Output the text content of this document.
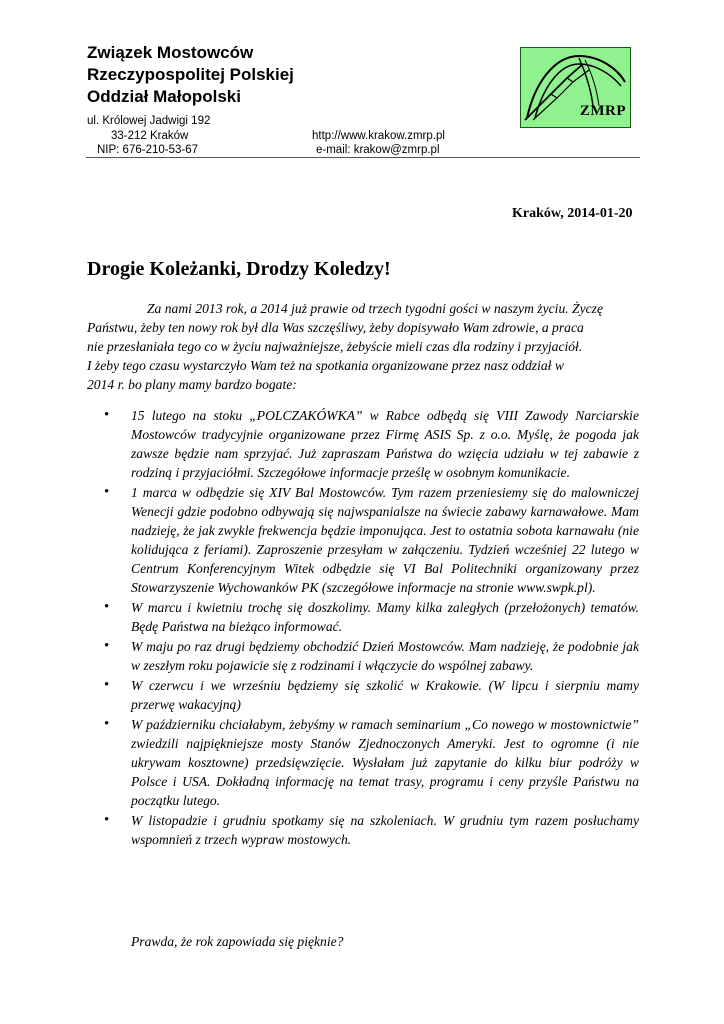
Związek Mostowców
Rzeczypospolitej Polskiej
Oddział Małopolski
ul. Królowej Jadwigi 192
33-212 Kraków
NIP: 676-210-53-67
http://www.krakow.zmrp.pl
e-mail: krakow@zmrp.pl
ZMRP
Kraków, 2014-01-20
Drogie Koleżanki, Drodzy Koledzy!
Za nami 2013 rok, a 2014 już prawie od trzech tygodni gości w naszym życiu. Życzę
Państwu, żeby ten nowy rok był dla Was szczęśliwy, żeby dopisywało Wam zdrowie, a praca
nie przesłaniała tego co w życiu najważniejsze, żebyście mieli czas dla rodziny i przyjaciół.
I żeby tego czasu wystarczyło Wam też na spotkania organizowane przez nasz oddział w
2014 r. bo plany mamy bardzo bogate:
• 15 lutego na stoku „POLCZAKÓWKA” w Rabce odbędą się VIII Zawody Narciarskie Mostowców tradycyjnie organizowane przez Firmę ASIS Sp. z o.o. Myślę, że pogoda jak zawsze będzie nam sprzyjać. Już zapraszam Państwa do wzięcia udziału w tej zabawie z rodziną i przyjaciółmi. Szczegółowe informacje prześlę w osobnym komunikacie.
• 1 marca w odbędzie się XIV Bal Mostowców. Tym razem przeniesiemy się do malowniczej Wenecji gdzie podobno odbywają się najwspanialsze na świecie zabawy karnawałowe. Mam nadzieję, że jak zwykle frekwencja będzie imponująca. Jest to ostatnia sobota karnawału (nie kolidująca z feriami). Zaproszenie przesyłam w załączeniu. Tydzień wcześniej 22 lutego w Centrum Konferencyjnym Witek odbędzie się VI Bal Politechniki organizowany przez Stowarzyszenie Wychowanków PK (szczegółowe informacje na stronie www.swpk.pl).
• W marcu i kwietniu trochę się doszkolimy. Mamy kilka zaległych (przełożonych) tematów. Będę Państwa na bieżąco informować.
• W maju po raz drugi będziemy obchodzić Dzień Mostowców. Mam nadzieję, że podobnie jak w zeszłym roku pojawicie się z rodzinami i włączycie do wspólnej zabawy.
• W czerwcu i we wrześniu będziemy się szkolić w Krakowie. (W lipcu i sierpniu mamy przerwę wakacyjną)
• W październiku chciałabym, żebyśmy w ramach seminarium „Co nowego w mostownictwie” zwiedzili najpiękniejsze mosty Stanów Zjednoczonych Ameryki. Jest to ogromne (i nie ukrywam kosztowne) przedsięwzięcie. Wysłałam już zapytanie do kilku biur podróży w Polsce i USA. Dokładną informację na temat trasy, programu i ceny przyśle Państwu na początku lutego.
• W listopadzie i grudniu spotkamy się na szkoleniach. W grudniu tym razem posłuchamy wspomnień z trzech wypraw mostowych.
Prawda, że rok zapowiada się pięknie?
